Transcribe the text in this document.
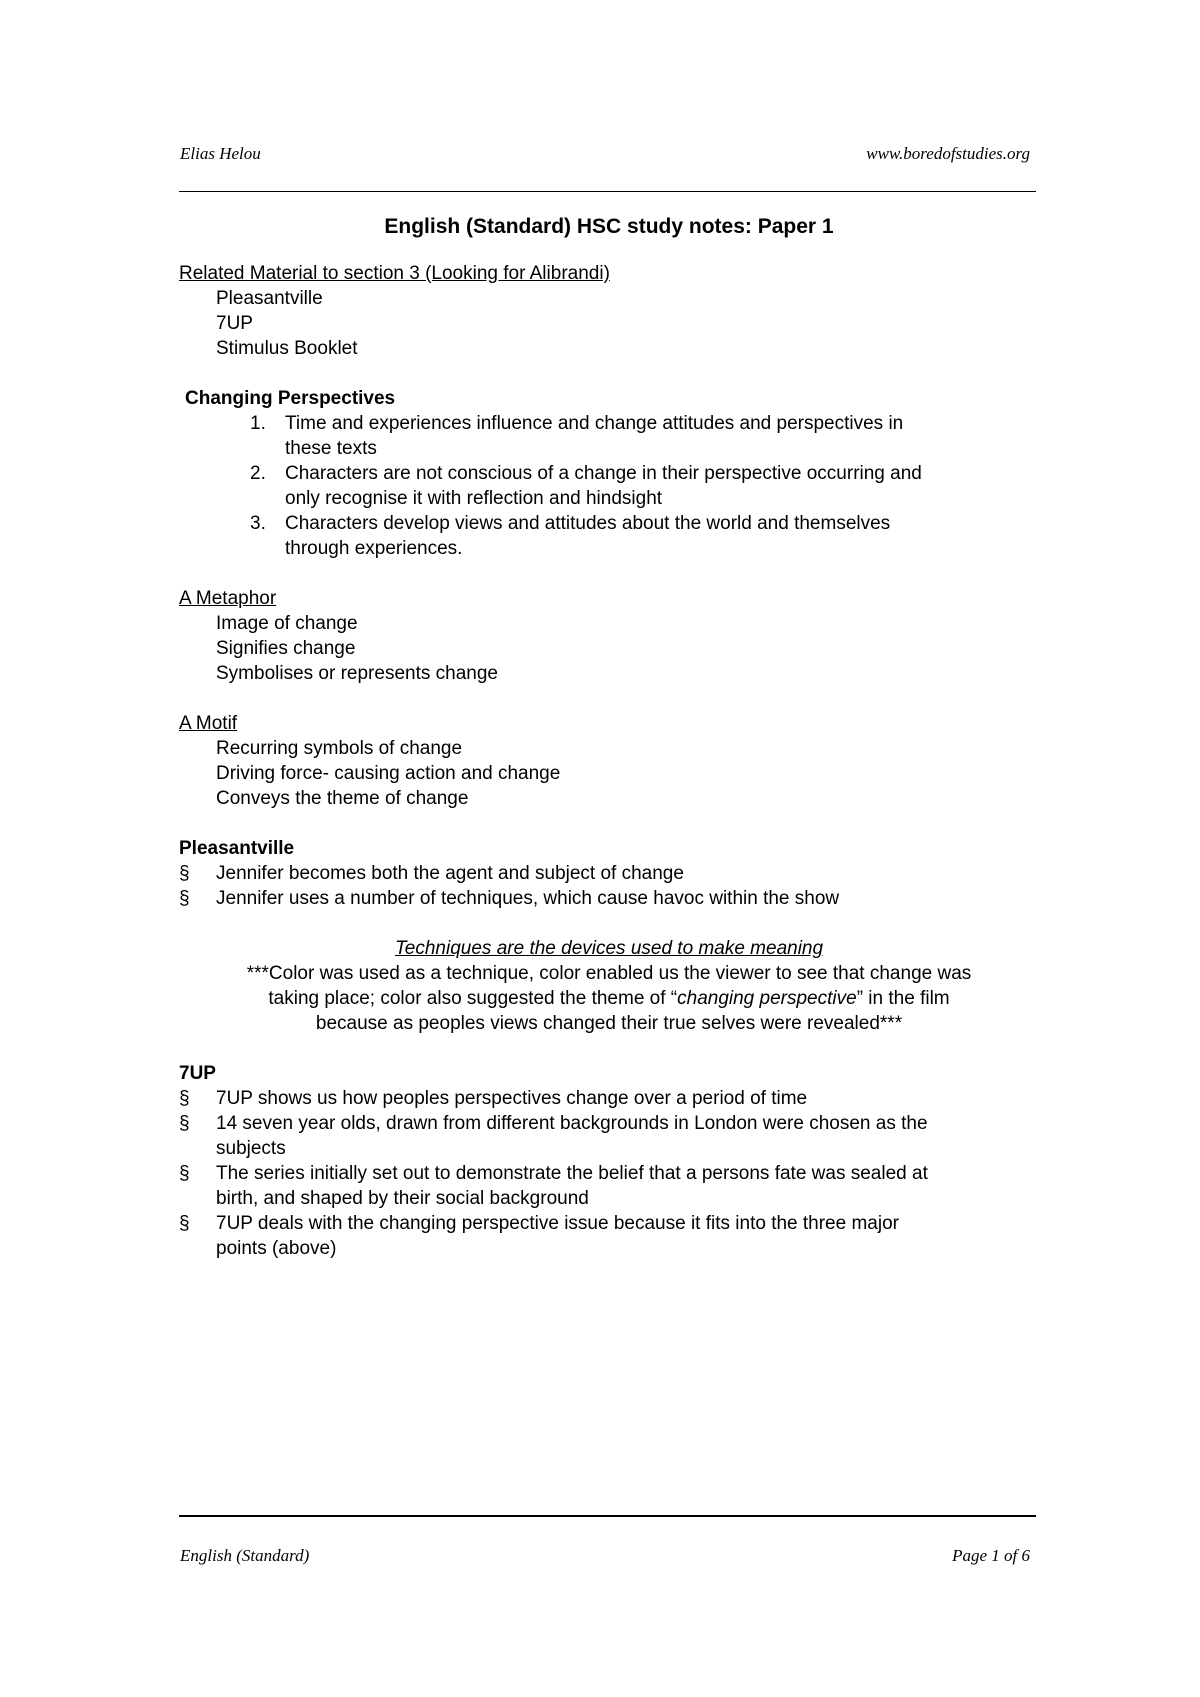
Elias Helou	www.boredofstudies.org
English (Standard) HSC study notes: Paper 1
Related Material to section 3 (Looking for Alibrandi)
Pleasantville
7UP
Stimulus Booklet
Changing Perspectives
1. Time and experiences influence and change attitudes and perspectives in
these texts
2. Characters are not conscious of a change in their perspective occurring and
only recognise it with reflection and hindsight
3. Characters develop views and attitudes about the world and themselves
through experiences.
A Metaphor
Image of change
Signifies change
Symbolises or represents change
A Motif
Recurring symbols of change
Driving force- causing action and change
Conveys the theme of change
Pleasantville
§ Jennifer becomes both the agent and subject of change
§ Jennifer uses a number of techniques, which cause havoc within the show
Techniques are the devices used to make meaning
***Color was used as a technique, color enabled us the viewer to see that change was
taking place; color also suggested the theme of “changing perspective” in the film
because as peoples views changed their true selves were revealed***
7UP
§ 7UP shows us how peoples perspectives change over a period of time
§ 14 seven year olds, drawn from different backgrounds in London were chosen as the
subjects
§ The series initially set out to demonstrate the belief that a persons fate was sealed at
birth, and shaped by their social background
§ 7UP deals with the changing perspective issue because it fits into the three major
points (above)
English (Standard)	Page 1 of 6
